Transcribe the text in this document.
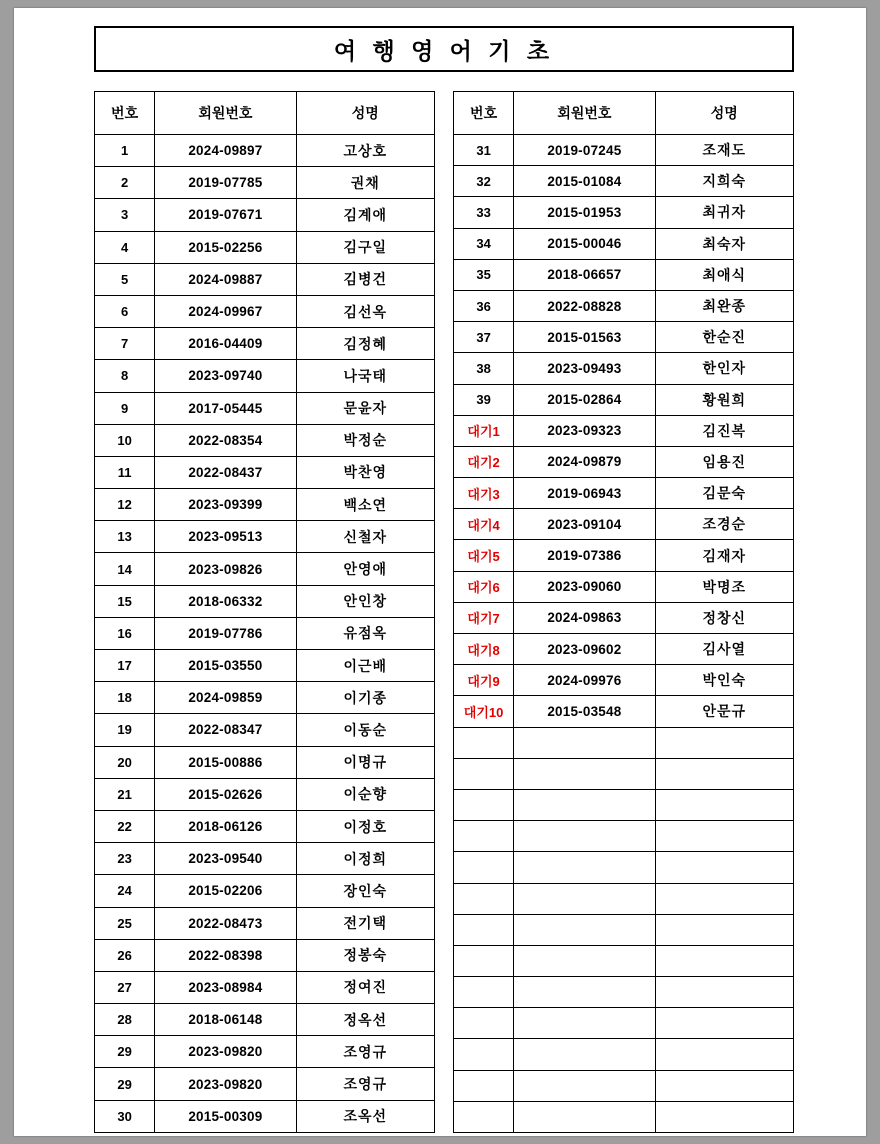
여 행 영 어 기 초
번호	회원번호	성명
1	2024-09897	고상호
2	2019-07785	권채
3	2019-07671	김계애
4	2015-02256	김구일
5	2024-09887	김병건
6	2024-09967	김선옥
7	2016-04409	김정혜
8	2023-09740	나국태
9	2017-05445	문윤자
10	2022-08354	박정순
11	2022-08437	박찬영
12	2023-09399	백소연
13	2023-09513	신철자
14	2023-09826	안영애
15	2018-06332	안인창
16	2019-07786	유점옥
17	2015-03550	이근배
18	2024-09859	이기종
19	2022-08347	이동순
20	2015-00886	이명규
21	2015-02626	이순향
22	2018-06126	이정호
23	2023-09540	이정희
24	2015-02206	장인숙
25	2022-08473	전기택
26	2022-08398	정봉숙
27	2023-08984	정여진
28	2018-06148	정옥선
29	2023-09820	조영규
29	2023-09820	조영규
30	2015-00309	조옥선
번호	회원번호	성명
31	2019-07245	조재도
32	2015-01084	지희숙
33	2015-01953	최귀자
34	2015-00046	최숙자
35	2018-06657	최애식
36	2022-08828	최완종
37	2015-01563	한순진
38	2023-09493	한인자
39	2015-02864	황원희
대기1	2023-09323	김진복
대기2	2024-09879	임용진
대기3	2019-06943	김문숙
대기4	2023-09104	조경순
대기5	2019-07386	김재자
대기6	2023-09060	박명조
대기7	2024-09863	정창신
대기8	2023-09602	김사열
대기9	2024-09976	박인숙
대기10	2015-03548	안문규
